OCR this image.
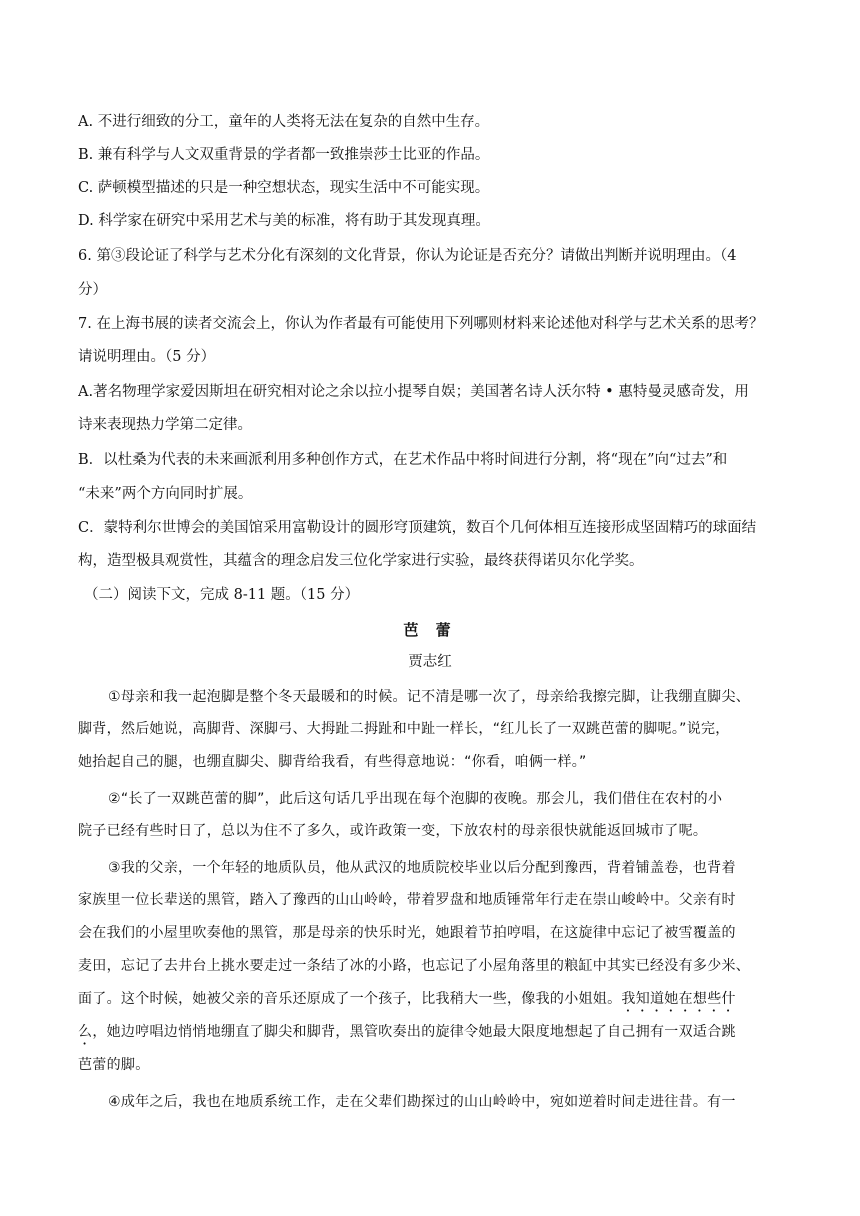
A. 不进行细致的分工，童年的人类将无法在复杂的自然中生存。
B. 兼有科学与人文双重背景的学者都一致推崇莎士比亚的作品。
C. 萨顿模型描述的只是一种空想状态，现实生活中不可能实现。
D. 科学家在研究中采用艺术与美的标准，将有助于其发现真理。
6. 第③段论证了科学与艺术分化有深刻的文化背景，你认为论证是否充分？请做出判断并说明理由。（4
分）
7. 在上海书展的读者交流会上，你认为作者最有可能使用下列哪则材料来论述他对科学与艺术关系的思考？
请说明理由。（5 分）
A.著名物理学家爱因斯坦在研究相对论之余以拉小提琴自娱；美国著名诗人沃尔特 • 惠特曼灵感奇发，用
诗来表现热力学第二定律。
B．以杜桑为代表的未来画派利用多种创作方式，在艺术作品中将时间进行分割，将“现在”向“过去”和
“未来”两个方向同时扩展。
C．蒙特利尔世博会的美国馆采用富勒设计的圆形穹顶建筑，数百个几何体相互连接形成坚固精巧的球面结
构，造型极具观赏性，其蕴含的理念启发三位化学家进行实验，最终获得诺贝尔化学奖。
（二）阅读下文，完成 8-11 题。（15 分）
芭 蕾
贾志红
①母亲和我一起泡脚是整个冬天最暖和的时候。记不清是哪一次了，母亲给我擦完脚，让我绷直脚尖、
脚背，然后她说，高脚背、深脚弓、大拇趾二拇趾和中趾一样长，“红儿长了一双跳芭蕾的脚呢。”说完，
她抬起自己的腿，也绷直脚尖、脚背给我看，有些得意地说：“你看，咱俩一样。”
②“长了一双跳芭蕾的脚”，此后这句话几乎出现在每个泡脚的夜晚。那会儿，我们借住在农村的小
院子已经有些时日了，总以为住不了多久，或许政策一变，下放农村的母亲很快就能返回城市了呢。
③我的父亲，一个年轻的地质队员，他从武汉的地质院校毕业以后分配到豫西，背着铺盖卷，也背着
家族里一位长辈送的黑管，踏入了豫西的山山岭岭，带着罗盘和地质锤常年行走在崇山峻岭中。父亲有时
会在我们的小屋里吹奏他的黑管，那是母亲的快乐时光，她跟着节拍哼唱，在这旋律中忘记了被雪覆盖的
麦田，忘记了去井台上挑水要走过一条结了冰的小路，也忘记了小屋角落里的粮缸中其实已经没有多少米、
面了。这个时候，她被父亲的音乐还原成了一个孩子，比我稍大一些，像我的小姐姐。我知道她在想些什
么，她边哼唱边悄悄地绷直了脚尖和脚背，黑管吹奏出的旋律令她最大限度地想起了自己拥有一双适合跳
芭蕾的脚。
④成年之后，我也在地质系统工作，走在父辈们勘探过的山山岭岭中，宛如逆着时间走进往昔。有一
